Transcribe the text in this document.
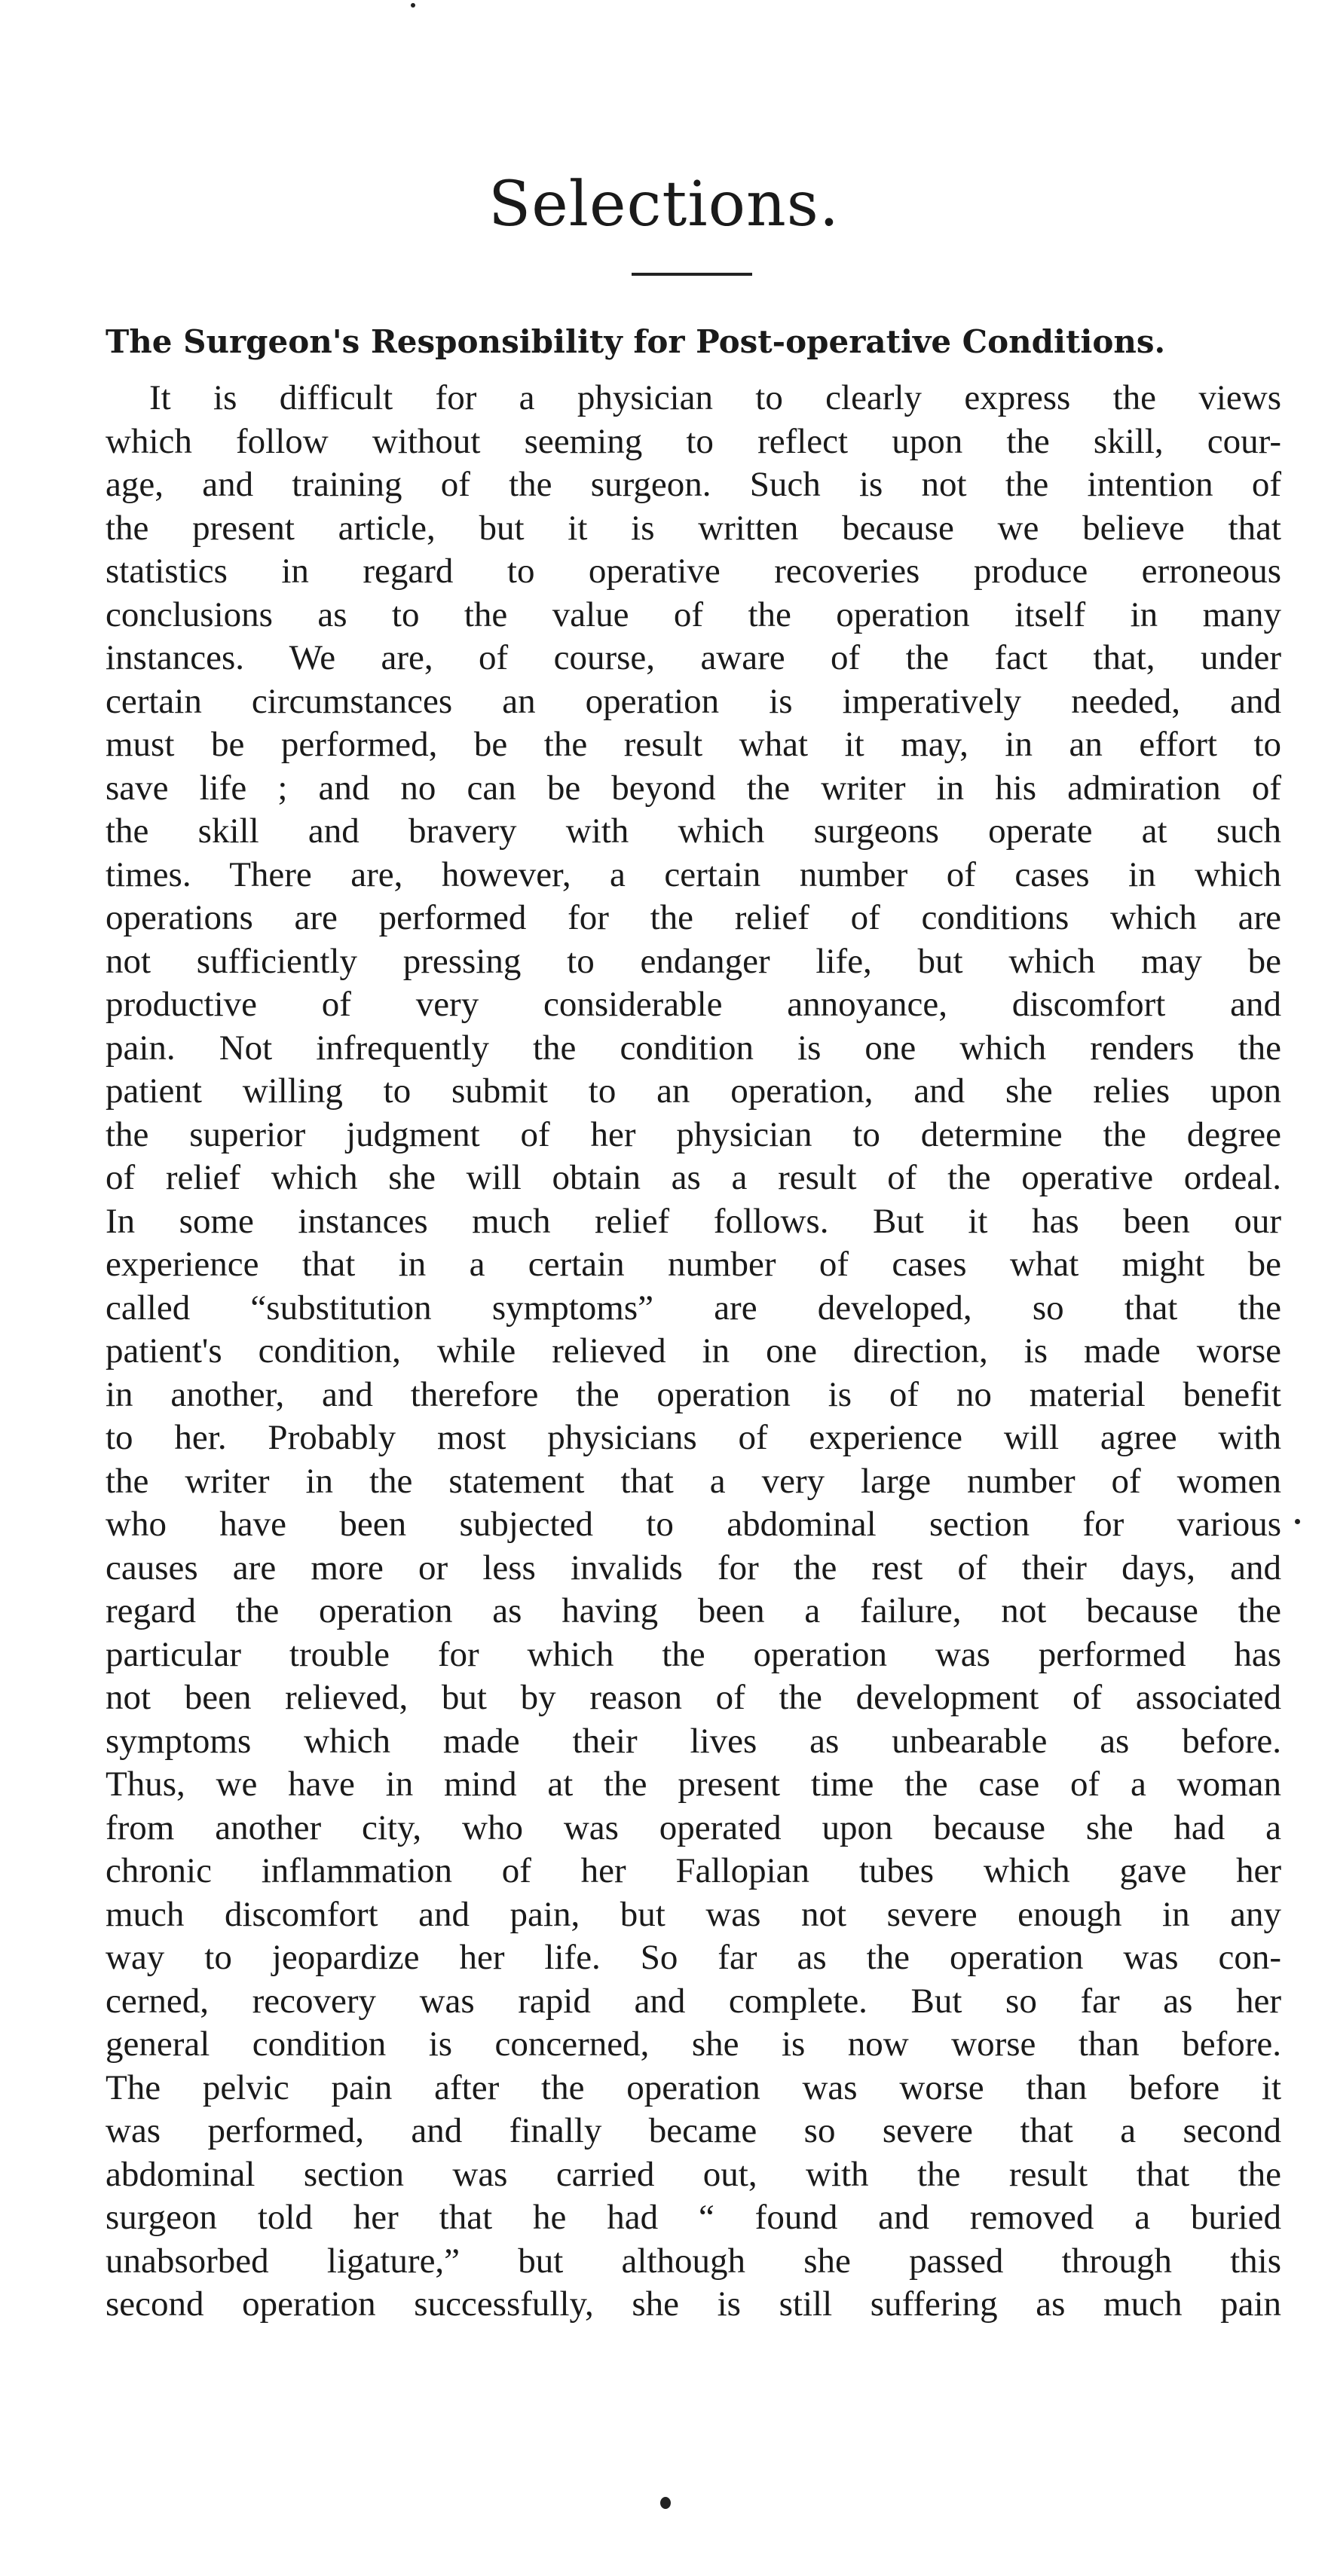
Selections.
The Surgeon's Responsibility for Post-operative Conditions.
It is difficult for a physician to clearly express the views
which follow without seeming to reflect upon the skill, cour-
age, and training of the surgeon. Such is not the intention of
the present article, but it is written because we believe that
statistics in regard to operative recoveries produce erroneous
conclusions as to the value of the operation itself in many
instances. We are, of course, aware of the fact that, under
certain circumstances an operation is imperatively needed, and
must be performed, be the result what it may, in an effort to
save life ; and no can be beyond the writer in his admiration of
the skill and bravery with which surgeons operate at such
times. There are, however, a certain number of cases in which
operations are performed for the relief of conditions which are
not sufficiently pressing to endanger life, but which may be
productive of very considerable annoyance, discomfort and
pain. Not infrequently the condition is one which renders the
patient willing to submit to an operation, and she relies upon
the superior judgment of her physician to determine the degree
of relief which she will obtain as a result of the operative ordeal.
In some instances much relief follows. But it has been our
experience that in a certain number of cases what might be
called “substitution symptoms” are developed, so that the
patient's condition, while relieved in one direction, is made worse
in another, and therefore the operation is of no material benefit
to her. Probably most physicians of experience will agree with
the writer in the statement that a very large number of women
who have been subjected to abdominal section for various
causes are more or less invalids for the rest of their days, and
regard the operation as having been a failure, not because the
particular trouble for which the operation was performed has
not been relieved, but by reason of the development of associated
symptoms which made their lives as unbearable as before.
Thus, we have in mind at the present time the case of a woman
from another city, who was operated upon because she had a
chronic inflammation of her Fallopian tubes which gave her
much discomfort and pain, but was not severe enough in any
way to jeopardize her life. So far as the operation was con-
cerned, recovery was rapid and complete. But so far as her
general condition is concerned, she is now worse than before.
The pelvic pain after the operation was worse than before it
was performed, and finally became so severe that a second
abdominal section was carried out, with the result that the
surgeon told her that he had “ found and removed a buried
unabsorbed ligature,” but although she passed through this
second operation successfully, she is still suffering as much pain
